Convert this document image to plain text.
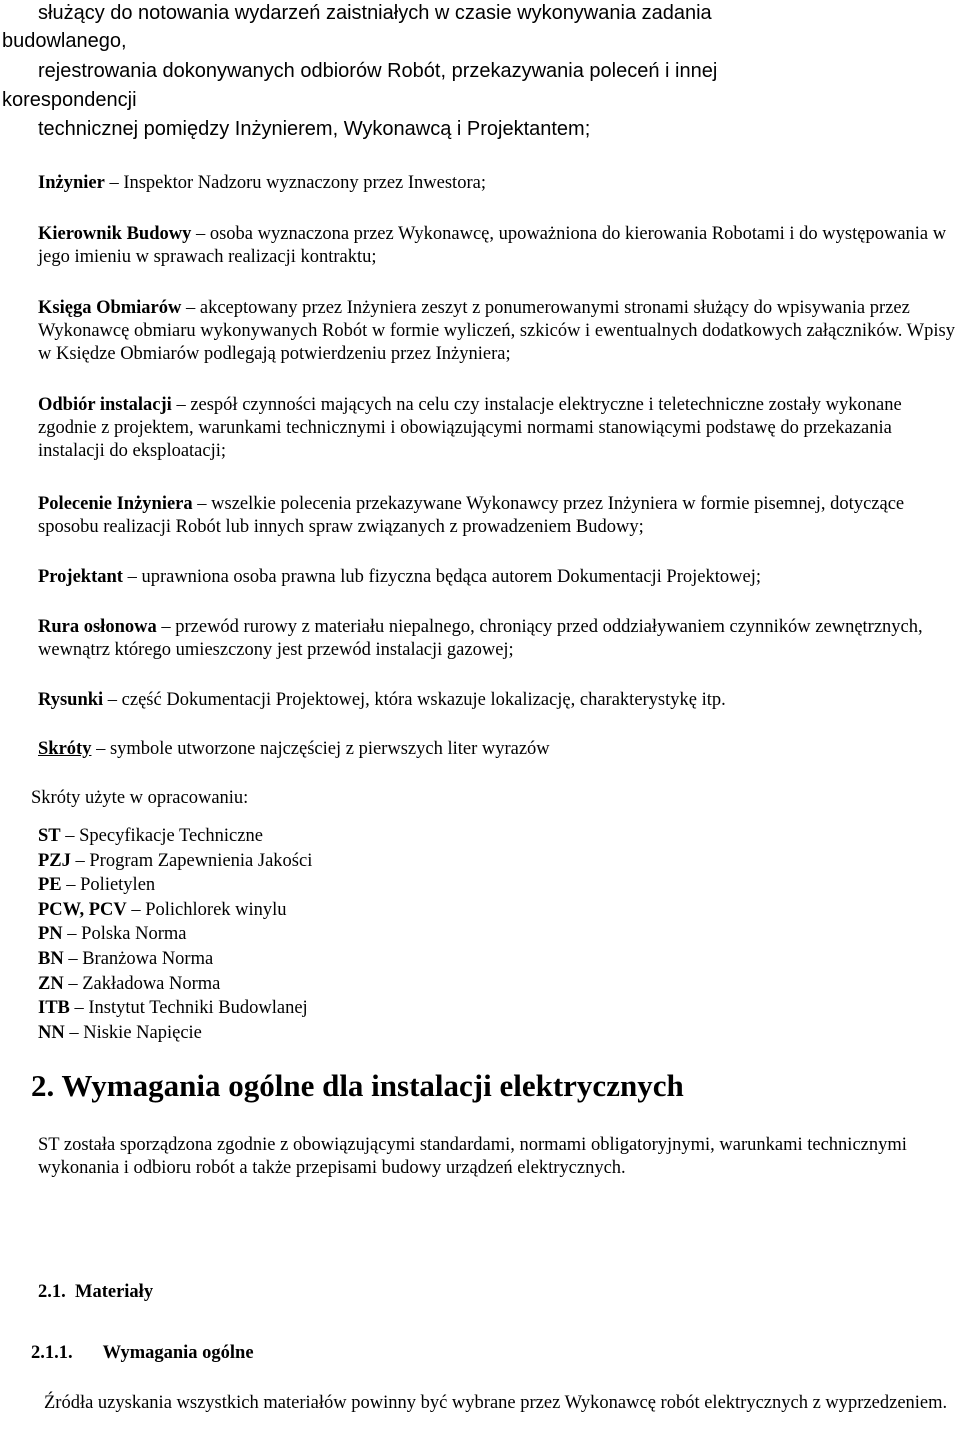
służący do notowania wydarzeń zaistniałych w czasie wykonywania zadania
budowlanego,
rejestrowania dokonywanych odbiorów Robót, przekazywania poleceń i innej
korespondencji
technicznej pomiędzy Inżynierem, Wykonawcą i Projektantem;
Inżynier – Inspektor Nadzoru wyznaczony przez Inwestora;
Kierownik Budowy – osoba wyznaczona przez Wykonawcę, upoważniona do kierowania Robotami i do występowania w jego imieniu w sprawach realizacji kontraktu;
Księga Obmiarów – akceptowany przez Inżyniera zeszyt z ponumerowanymi stronami służący do wpisywania przez Wykonawcę obmiaru wykonywanych Robót w formie wyliczeń, szkiców i ewentualnych dodatkowych załączników. Wpisy w Księdze Obmiarów podlegają potwierdzeniu przez Inżyniera;
Odbiór instalacji – zespół czynności mających na celu czy instalacje elektryczne i teletechniczne zostały wykonane zgodnie z projektem, warunkami technicznymi i obowiązującymi normami stanowiącymi podstawę do przekazania instalacji do eksploatacji;
Polecenie Inżyniera – wszelkie polecenia przekazywane Wykonawcy przez Inżyniera w formie pisemnej, dotyczące sposobu realizacji Robót lub innych spraw związanych z prowadzeniem Budowy;
Projektant – uprawniona osoba prawna lub fizyczna będąca autorem Dokumentacji Projektowej;
Rura osłonowa – przewód rurowy z materiału niepalnego, chroniący przed oddziaływaniem czynników zewnętrznych, wewnątrz którego umieszczony jest przewód instalacji gazowej;
Rysunki – część Dokumentacji Projektowej, która wskazuje lokalizację, charakterystykę itp.
Skróty – symbole utworzone najczęściej z pierwszych liter wyrazów
Skróty użyte w opracowaniu:
ST – Specyfikacje Techniczne
PZJ – Program Zapewnienia Jakości
PE – Polietylen
PCW, PCV – Polichlorek winylu
PN – Polska Norma
BN – Branżowa Norma
ZN – Zakładowa Norma
ITB – Instytut Techniki Budowlanej
NN – Niskie Napięcie
2. Wymagania ogólne dla instalacji elektrycznych
ST została sporządzona zgodnie z obowiązującymi standardami, normami obligatoryjnymi, warunkami technicznymi wykonania i odbioru robót a także przepisami budowy urządzeń elektrycznych.
2.1. Materiały
2.1.1. Wymagania ogólne
Źródła uzyskania wszystkich materiałów powinny być wybrane przez Wykonawcę robót elektrycznych z wyprzedzeniem.
